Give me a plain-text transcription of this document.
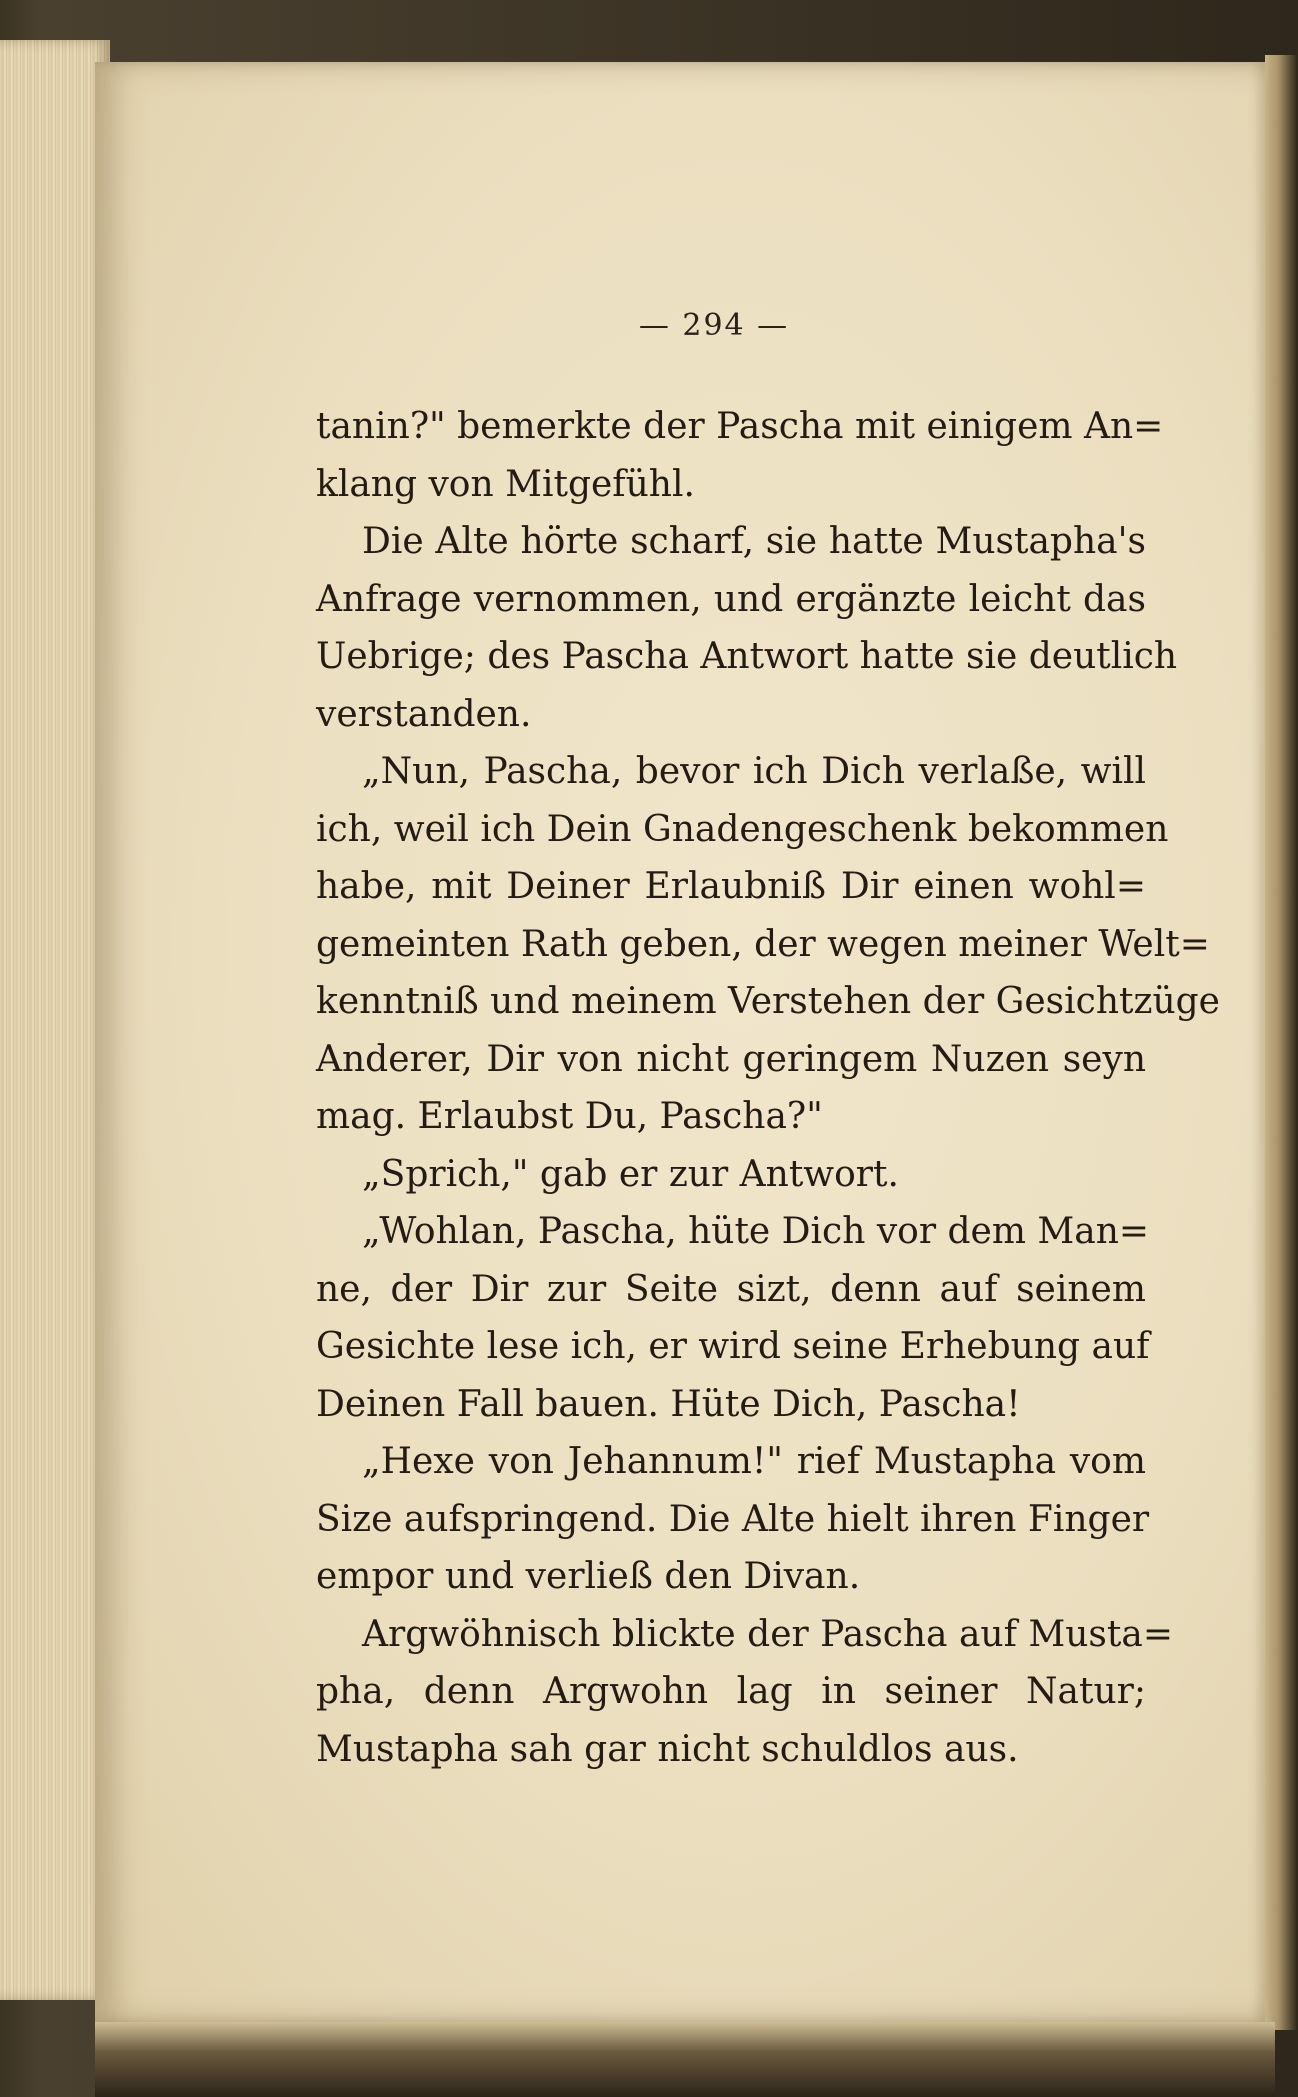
— 294 —
tanin?" bemerkte der Pascha mit einigem An=
klang von Mitgefühl.
Die Alte hörte scharf, sie hatte Mustapha's
Anfrage vernommen, und ergänzte leicht das
Uebrige; des Pascha Antwort hatte sie deutlich
verstanden.
„Nun, Pascha, bevor ich Dich verlaße, will
ich, weil ich Dein Gnadengeschenk bekommen
habe, mit Deiner Erlaubniß Dir einen wohl=
gemeinten Rath geben, der wegen meiner Welt=
kenntniß und meinem Verstehen der Gesichtzüge
Anderer, Dir von nicht geringem Nuzen seyn
mag. Erlaubst Du, Pascha?"
„Sprich," gab er zur Antwort.
„Wohlan, Pascha, hüte Dich vor dem Man=
ne, der Dir zur Seite sizt, denn auf seinem
Gesichte lese ich, er wird seine Erhebung auf
Deinen Fall bauen. Hüte Dich, Pascha!
„Hexe von Jehannum!" rief Mustapha vom
Size aufspringend. Die Alte hielt ihren Finger
empor und verließ den Divan.
Argwöhnisch blickte der Pascha auf Musta=
pha, denn Argwohn lag in seiner Natur;
Mustapha sah gar nicht schuldlos aus.
